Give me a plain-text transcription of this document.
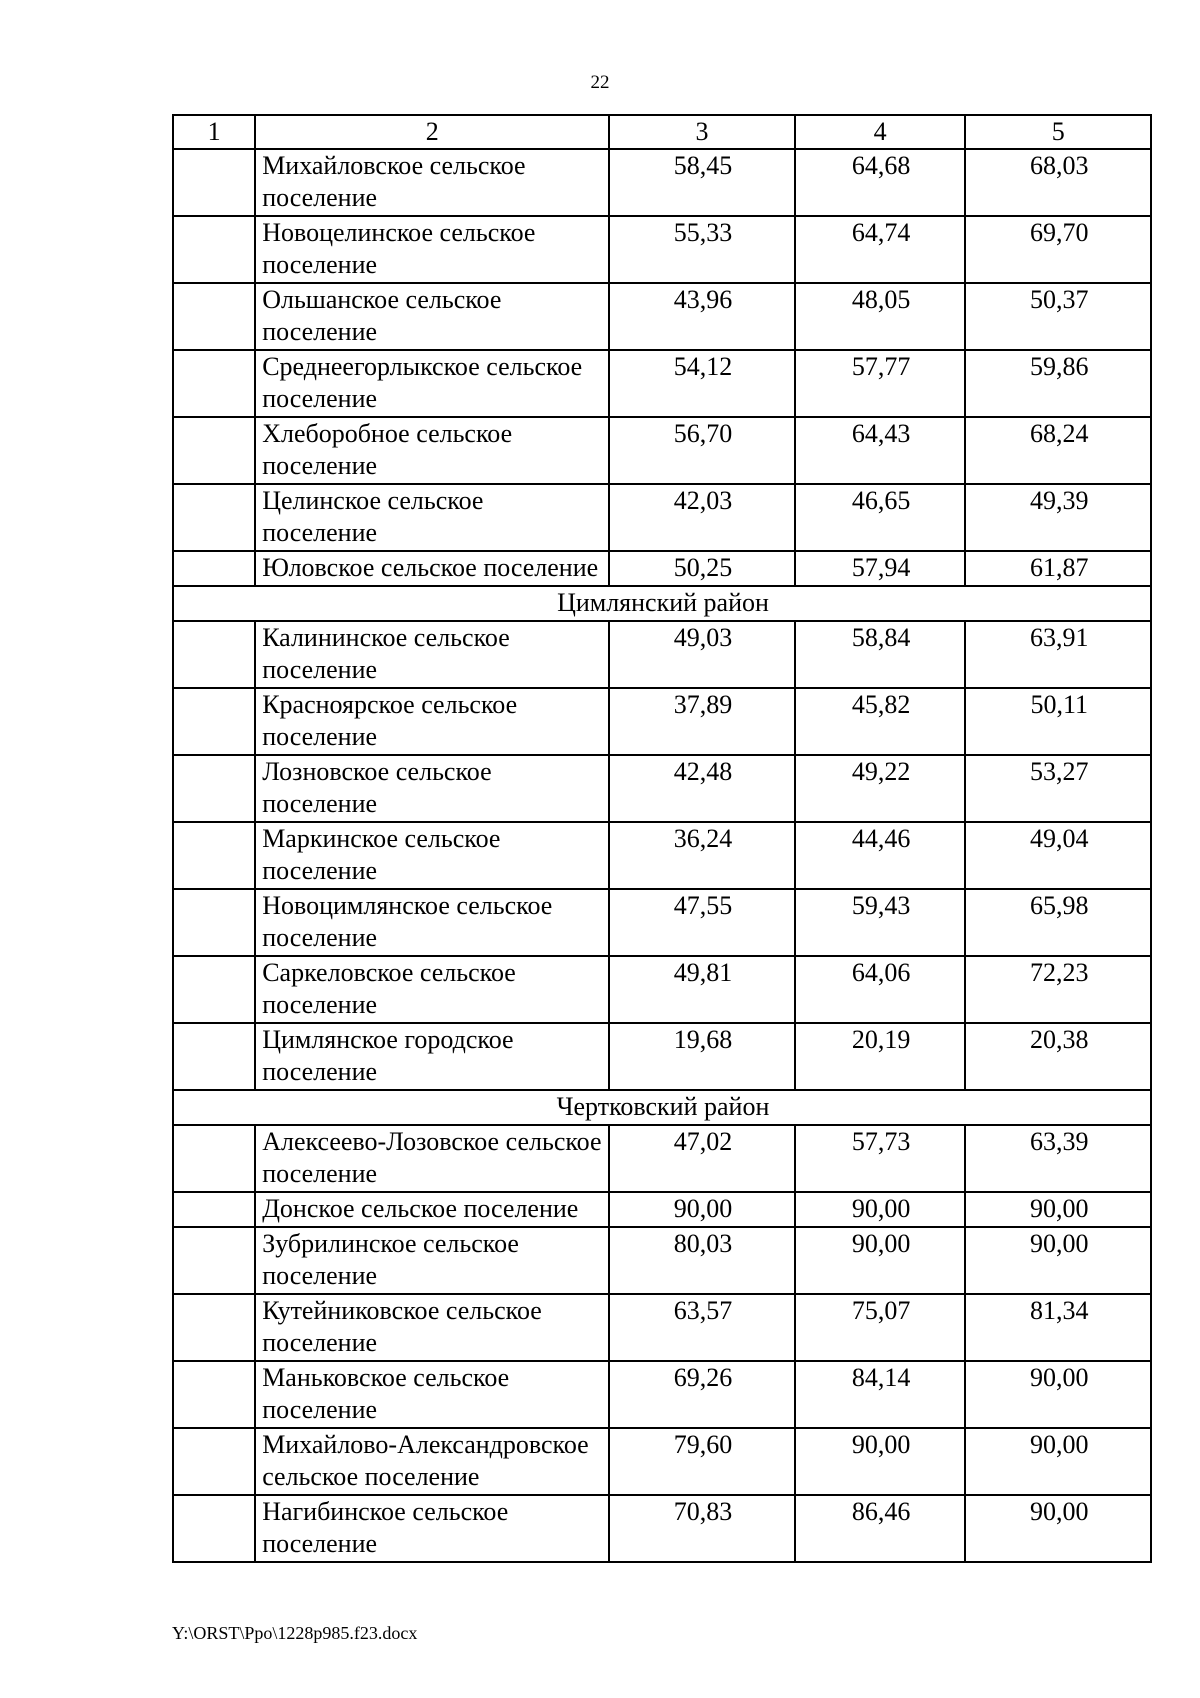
22
1	2	3	4	5
	Михайловское сельское поселение	58,45	64,68	68,03
	Новоцелинское сельское поселение	55,33	64,74	69,70
	Ольшанское сельское поселение	43,96	48,05	50,37
	Среднеегорлыкское сельское поселение	54,12	57,77	59,86
	Хлеборобное сельское поселение	56,70	64,43	68,24
	Целинское сельское поселение	42,03	46,65	49,39
	Юловское сельское поселение	50,25	57,94	61,87
Цимлянский район				
	Калининское сельское поселение	49,03	58,84	63,91
	Красноярское сельское поселение	37,89	45,82	50,11
	Лозновское сельское поселение	42,48	49,22	53,27
	Маркинское сельское поселение	36,24	44,46	49,04
	Новоцимлянское сельское поселение	47,55	59,43	65,98
	Саркеловское сельское поселение	49,81	64,06	72,23
	Цимлянское городское поселение	19,68	20,19	20,38
Чертковский район				
	Алексеево-Лозовское сельское поселение	47,02	57,73	63,39
	Донское сельское поселение	90,00	90,00	90,00
	Зубрилинское сельское поселение	80,03	90,00	90,00
	Кутейниковское сельское поселение	63,57	75,07	81,34
	Маньковское сельское поселение	69,26	84,14	90,00
	Михайлово-Александровское сельское поселение	79,60	90,00	90,00
	Нагибинское сельское поселение	70,83	86,46	90,00
Y:\ORST\Ppo\1228p985.f23.docx
